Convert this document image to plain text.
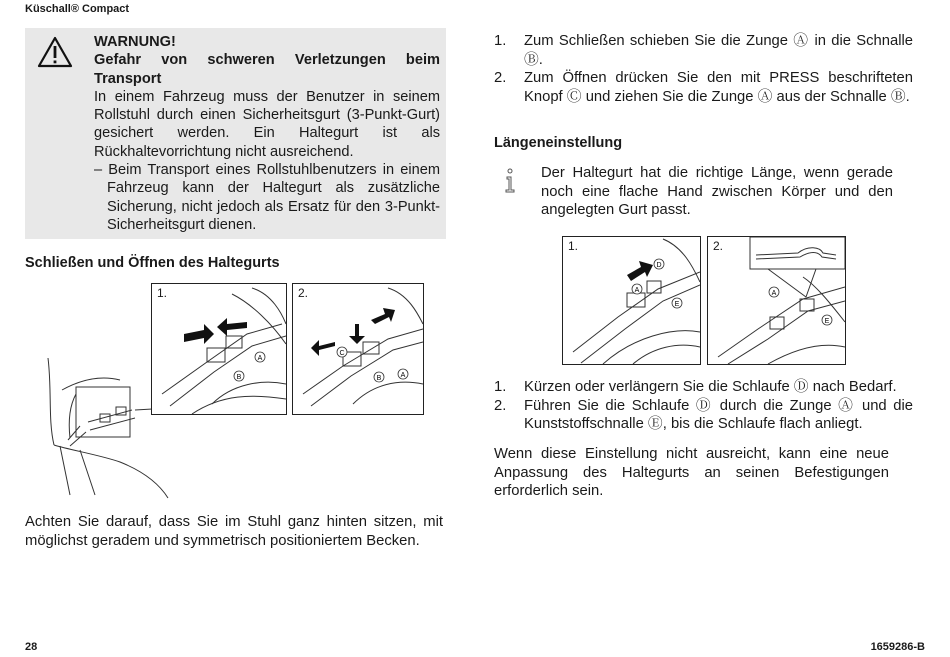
Küschall® Compact
WARNUNG!
Gefahr von schweren Verletzungen beim Transport
In einem Fahrzeug muss der Benutzer in seinem Rollstuhl durch einen Sicherheitsgurt (3-Punkt-Gurt) gesichert werden. Ein Haltegurt ist als Rückhaltevorrichtung nicht ausreichend.
– Beim Transport eines Rollstuhlbenutzers in einem Fahrzeug kann der Haltegurt als zusätzliche Sicherung, nicht jedoch als Ersatz für den 3-Punkt-Sicherheitsgurt dienen.
Schließen und Öffnen des Haltegurts
1.
A
B
2.
C
B	A
Achten Sie darauf, dass Sie im Stuhl ganz hinten sitzen, mit möglichst geradem und symmetrisch positioniertem Becken.
1. Zum Schließen schieben Sie die Zunge Ⓐ in die Schnalle Ⓑ.
2. Zum Öffnen drücken Sie den mit PRESS beschrifteten Knopf Ⓒ und ziehen Sie die Zunge Ⓐ aus der Schnalle Ⓑ.
Längeneinstellung
Der Haltegurt hat die richtige Länge, wenn gerade noch eine flache Hand zwischen Körper und den angelegten Gurt passt.
1.
D
A
E
2.
A
E
1. Kürzen oder verlängern Sie die Schlaufe Ⓓ nach Bedarf.
2. Führen Sie die Schlaufe Ⓓ durch die Zunge Ⓐ und die Kunststoffschnalle Ⓔ, bis die Schlaufe flach anliegt.
Wenn diese Einstellung nicht ausreicht, kann eine neue Anpassung des Haltegurts an seinen Befestigungen erforderlich sein.
28	1659286-B
